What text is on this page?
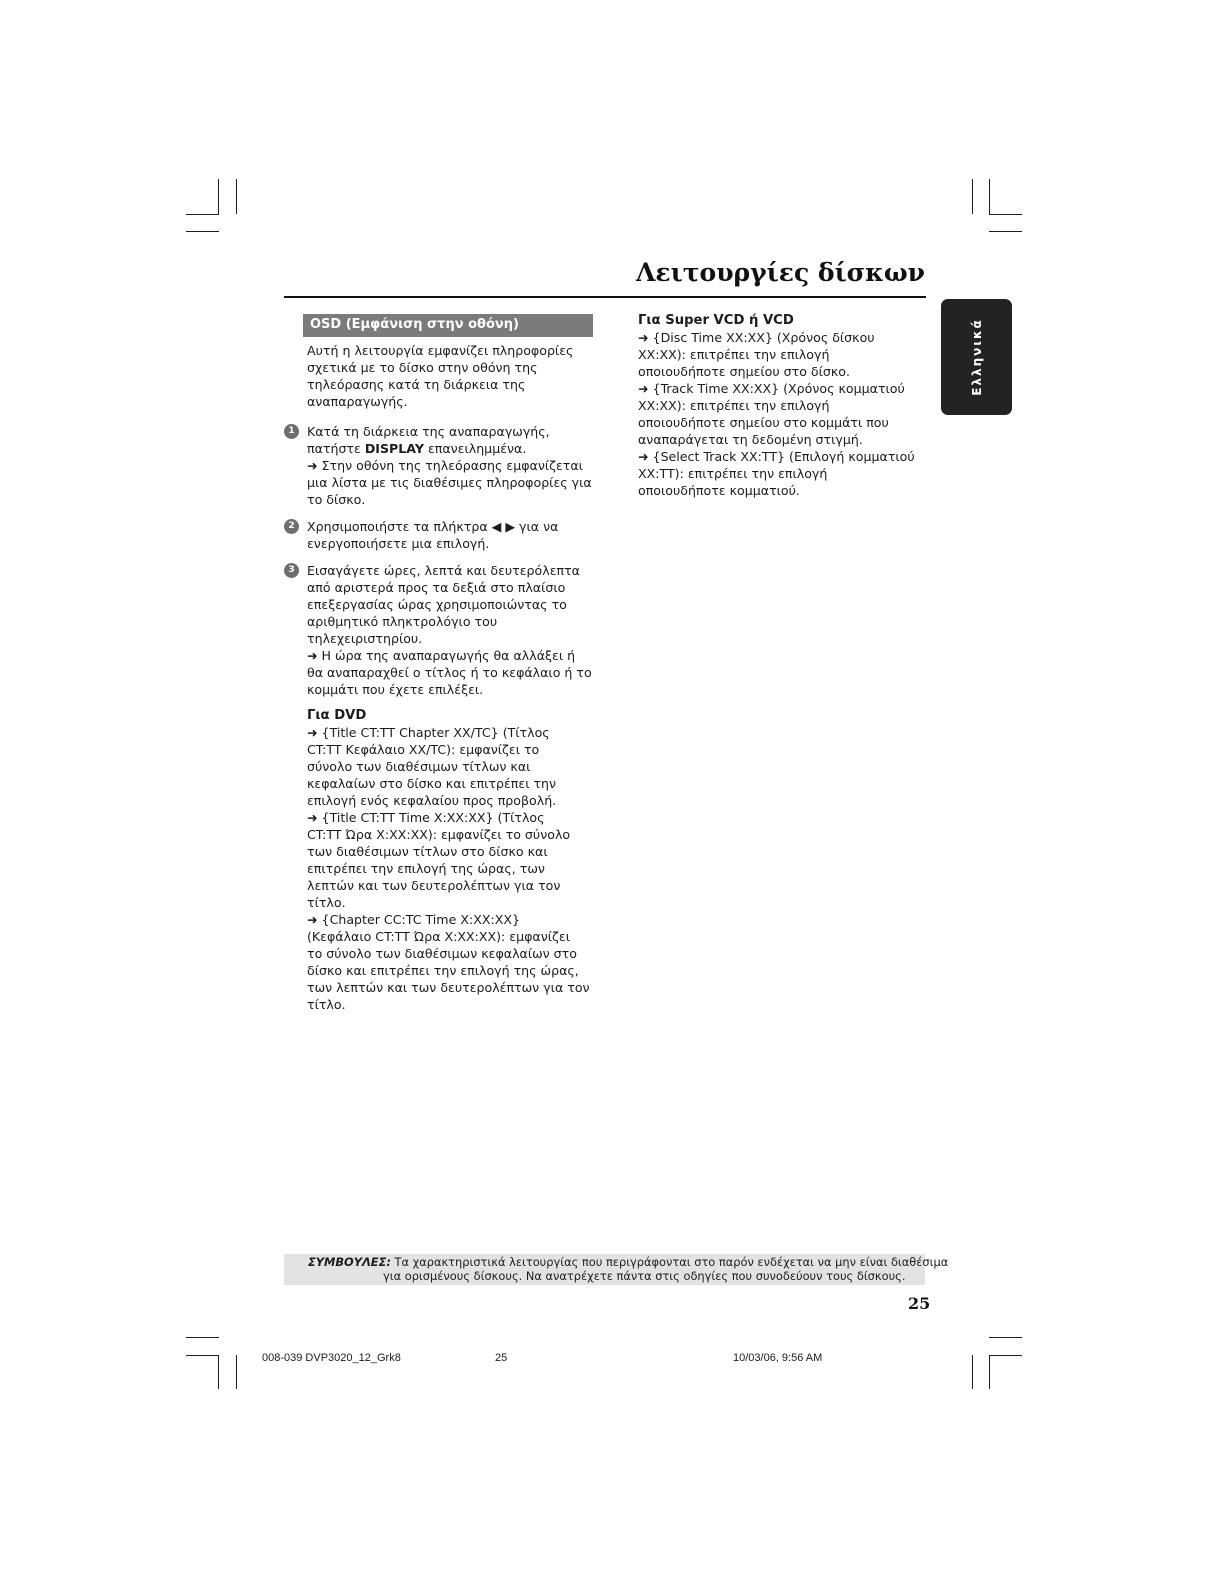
Λειτουργίες δίσκων
Ελληνικά
OSD (Εμφάνιση στην οθόνη)

Αυτή η λειτουργία εμφανίζει πληροφορίες

σχετικά με το δίσκο στην οθόνη της

τηλεόρασης κατά τη διάρκεια της

αναπαραγωγής.

1 Κατά τη διάρκεια της αναπαραγωγής,

πατήστε DISPLAY επανειλημμένα.

➜ Στην οθόνη της τηλεόρασης εμφανίζεται

μια λίστα με τις διαθέσιμες πληροφορίες για

το δίσκο.

2 Χρησιμοποιήστε τα πλήκτρα ◀ ▶ για να

ενεργοποιήσετε μια επιλογή.

3 Εισαγάγετε ώρες, λεπτά και δευτερόλεπτα

από αριστερά προς τα δεξιά στο πλαίσιο

επεξεργασίας ώρας χρησιμοποιώντας το

αριθμητικό πληκτρολόγιο του

τηλεχειριστηρίου.

➜ Η ώρα της αναπαραγωγής θα αλλάξει ή

θα αναπαραχθεί ο τίτλος ή το κεφάλαιο ή το

κομμάτι που έχετε επιλέξει.

Για DVD

➜ {Title CT:TT Chapter XX/TC} (Τίτλος

CT:TT Κεφάλαιο XX/TC): εμφανίζει το

σύνολο των διαθέσιμων τίτλων και

κεφαλαίων στο δίσκο και επιτρέπει την

επιλογή ενός κεφαλαίου προς προβολή.

➜ {Title CT:TT Time X:XX:XX} (Τίτλος

CT:TT Ώρα X:XX:XX): εμφανίζει το σύνολο

των διαθέσιμων τίτλων στο δίσκο και

επιτρέπει την επιλογή της ώρας, των

λεπτών και των δευτερολέπτων για τον

τίτλο.

➜ {Chapter CC:TC Time X:XX:XX}

(Κεφάλαιο CT:TT Ώρα X:XX:XX): εμφανίζει

το σύνολο των διαθέσιμων κεφαλαίων στο

δίσκο και επιτρέπει την επιλογή της ώρας,

των λεπτών και των δευτερολέπτων για τον

τίτλο.

Για Super VCD ή VCD

➜ {Disc Time XX:XX} (Χρόνος δίσκου

XX:XX): επιτρέπει την επιλογή

οποιουδήποτε σημείου στο δίσκο.

➜ {Track Time XX:XX} (Χρόνος κομματιού

XX:XX): επιτρέπει την επιλογή

οποιουδήποτε σημείου στο κομμάτι που

αναπαράγεται τη δεδομένη στιγμή.

➜ {Select Track XX:TT} (Επιλογή κομματιού

XX:TT): επιτρέπει την επιλογή

οποιουδήποτε κομματιού.

ΣΥΜΒΟΥΛΕΣ: Τα χαρακτηριστικά λειτουργίας που περιγράφονται στο παρόν ενδέχεται να μην είναι διαθέσιμα
για ορισμένους δίσκους. Να ανατρέχετε πάντα στις οδηγίες που συνοδεύουν τους δίσκους.
25
008-039 DVP3020_12_Grk8	25	10/03/06, 9:56 AM
